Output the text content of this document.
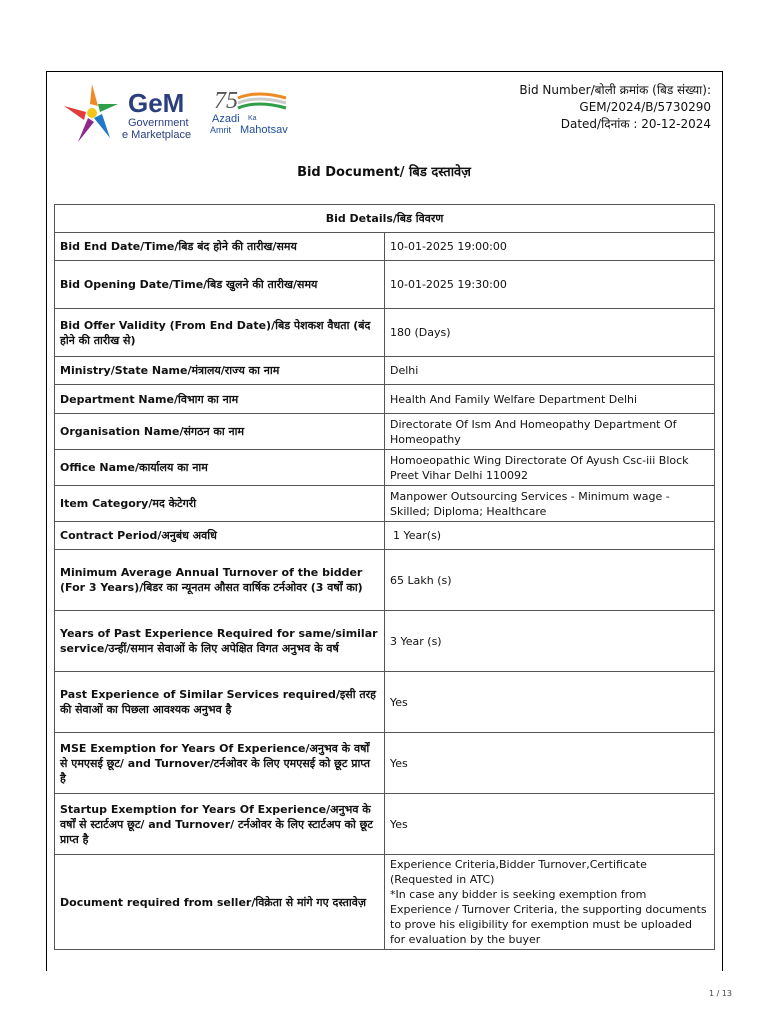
GeM
Government
e Marketplace
75
Azadi Ka
Amrit Mahotsav
Bid Number/बोली क्रमांक (बिड संख्या):
GEM/2024/B/5730290
Dated/दिनांक : 20-12-2024
Bid Document/ बिड दस्तावेज़
Bid Details/बिड विवरण	
Bid End Date/Time/बिड बंद होने की तारीख/समय	10-01-2025 19:00:00
Bid Opening Date/Time/बिड खुलने की तारीख/समय	10-01-2025 19:30:00
Bid Offer Validity (From End Date)/बिड पेशकश वैधता (बंद होने की तारीख से)	180 (Days)
Ministry/State Name/मंत्रालय/राज्य का नाम	Delhi
Department Name/विभाग का नाम	Health And Family Welfare Department Delhi
Organisation Name/संगठन का नाम	Directorate Of Ism And Homeopathy Department Of Homeopathy
Office Name/कार्यालय का नाम	Homoeopathic Wing Directorate Of Ayush Csc-iii Block Preet Vihar Delhi 110092
Item Category/मद केटेगरी	Manpower Outsourcing Services - Minimum wage - Skilled; Diploma; Healthcare
Contract Period/अनुबंध अवधि	1 Year(s)
Minimum Average Annual Turnover of the bidder (For 3 Years)/बिडर का न्यूनतम औसत वार्षिक टर्नओवर (3 वर्षों का)	65 Lakh (s)
Years of Past Experience Required for same/similar service/उन्हीं/समान सेवाओं के लिए अपेक्षित विगत अनुभव के वर्ष	3 Year (s)
Past Experience of Similar Services required/इसी तरह की सेवाओं का पिछला आवश्यक अनुभव है	Yes
MSE Exemption for Years Of Experience/अनुभव के वर्षों से एमएसई छूट/ and Turnover/टर्नओवर के लिए एमएसई को छूट प्राप्त है	Yes
Startup Exemption for Years Of Experience/अनुभव के वर्षों से स्टार्टअप छूट/ and Turnover/ टर्नओवर के लिए स्टार्टअप को छूट प्राप्त है	Yes
Document required from seller/विक्रेता से मांगे गए दस्तावेज़	Experience Criteria,Bidder Turnover,Certificate (Requested in ATC)
*In case any bidder is seeking exemption from Experience / Turnover Criteria, the supporting documents to prove his eligibility for exemption must be uploaded for evaluation by the buyer
1 / 13
